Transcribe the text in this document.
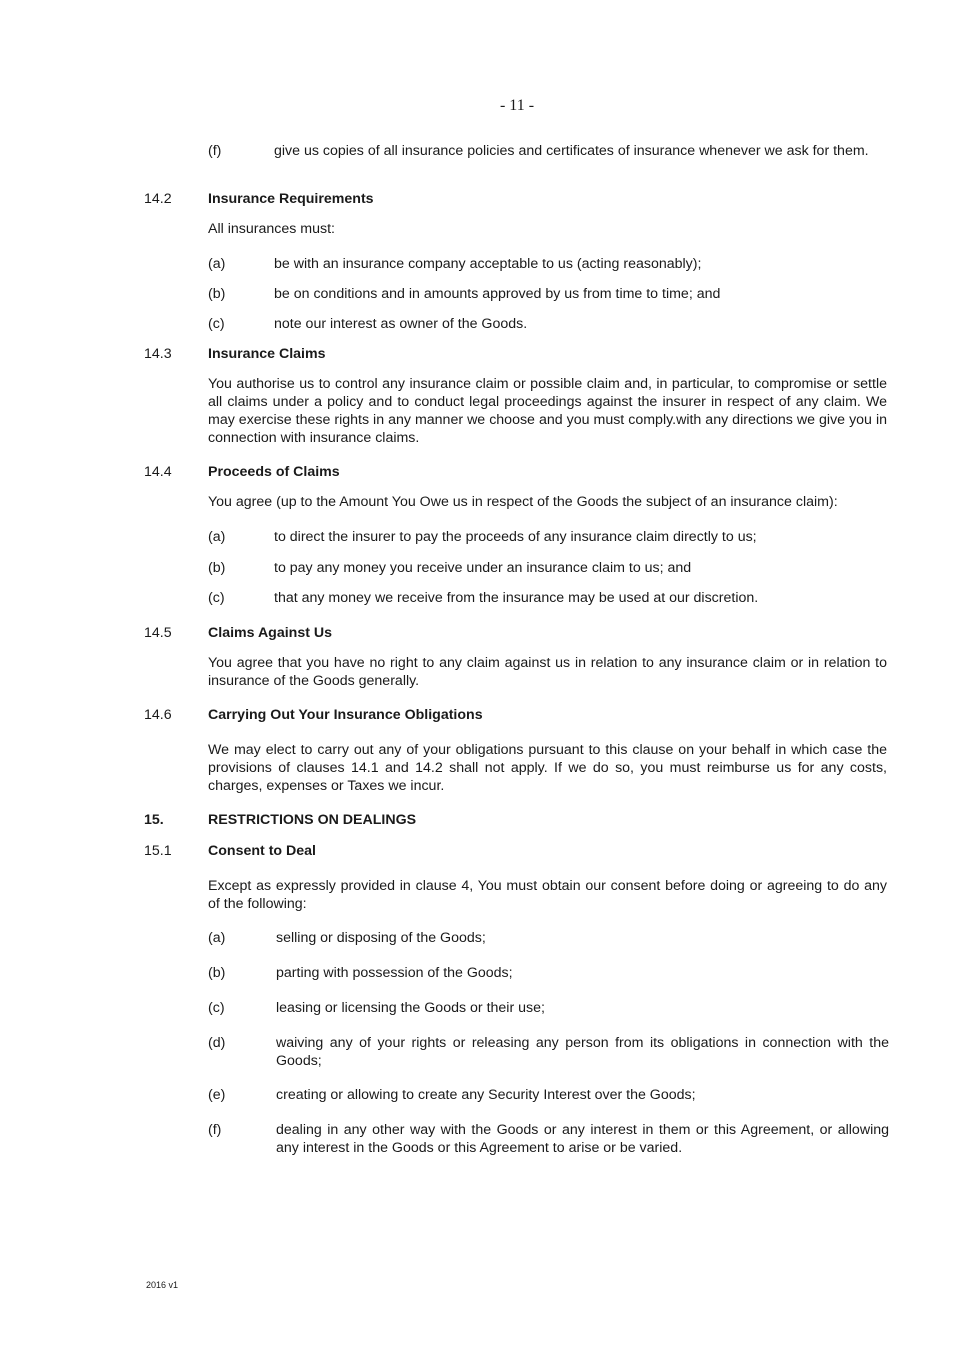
- 11 -
(f)	give us copies of all insurance policies and certificates of insurance whenever we ask for them.
14.2	Insurance Requirements
All insurances must:
(a)	be with an insurance company acceptable to us (acting reasonably);
(b)	be on conditions and in amounts approved by us from time to time; and
(c)	note our interest as owner of the Goods.
14.3	Insurance Claims
You authorise us to control any insurance claim or possible claim and, in particular, to compromise or settle all claims under a policy and to conduct legal proceedings against the insurer in respect of any claim. We may exercise these rights in any manner we choose and you must comply.with any directions we give you in connection with insurance claims.
14.4	Proceeds of Claims
You agree (up to the Amount You Owe us in respect of the Goods the subject of an insurance claim):
(a)	to direct the insurer to pay the proceeds of any insurance claim directly to us;
(b)	to pay any money you receive under an insurance claim to us; and
(c)	that any money we receive from the insurance may be used at our discretion.
14.5	Claims Against Us
You agree that you have no right to any claim against us in relation to any insurance claim or in relation to insurance of the Goods generally.
14.6	Carrying Out Your Insurance Obligations
We may elect to carry out any of your obligations pursuant to this clause on your behalf in which case the provisions of clauses 14.1 and 14.2 shall not apply. If we do so, you must reimburse us for any costs, charges, expenses or Taxes we incur.
15.	RESTRICTIONS ON DEALINGS
15.1	Consent to Deal
Except as expressly provided in clause 4, You must obtain our consent before doing or agreeing to do any of the following:
(a)	selling or disposing of the Goods;
(b)	parting with possession of the Goods;
(c)	leasing or licensing the Goods or their use;
(d)	waiving any of your rights or releasing any person from its obligations in connection with the Goods;
(e)	creating or allowing to create any Security Interest over the Goods;
(f)	dealing in any other way with the Goods or any interest in them or this Agreement, or allowing any interest in the Goods or this Agreement to arise or be varied.
2016 v1
